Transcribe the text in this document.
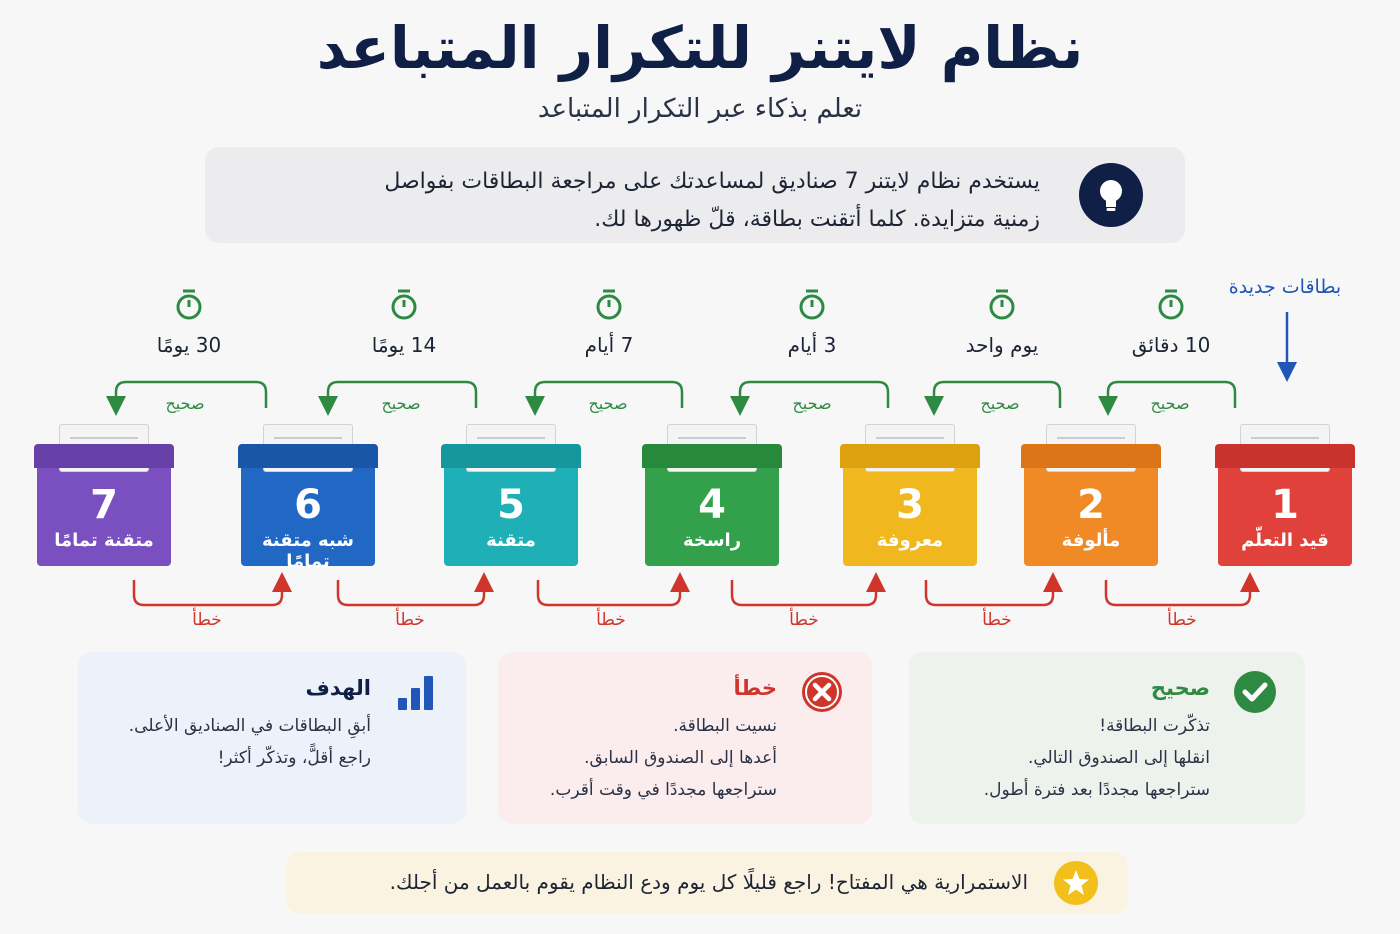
نظام لايتنر للتكرار المتباعد
تعلم بذكاء عبر التكرار المتباعد
يستخدم نظام لايتنر 7 صناديق لمساعدتك على مراجعة البطاقات بفواصل
زمنية متزايدة. كلما أتقنت بطاقة، قلّ ظهورها لك.
بطاقات جديدة
10 دقائق
يوم واحد
3 أيام
7 أيام
14 يومًا
30 يومًا
صحيح
صحيح
صحيح
صحيح
صحيح
صحيح
خطأ
خطأ
خطأ
خطأ
خطأ
خطأ
1
قيد التعلّم
2
مألوفة
3
معروفة
4
راسخة
5
متقنة
6
شبه متقنة تمامًا
7
متقنة تمامًا
صحيح
تذكّرت البطاقة!
انقلها إلى الصندوق التالي.
ستراجعها مجددًا بعد فترة أطول.
خطأ
نسيت البطاقة.
أعدها إلى الصندوق السابق.
ستراجعها مجددًا في وقت أقرب.
الهدف
أبقِ البطاقات في الصناديق الأعلى.
راجع أقلًّ، وتذكّر أكثر!
الاستمرارية هي المفتاح! راجع قليلًا كل يوم ودع النظام يقوم بالعمل من أجلك.
